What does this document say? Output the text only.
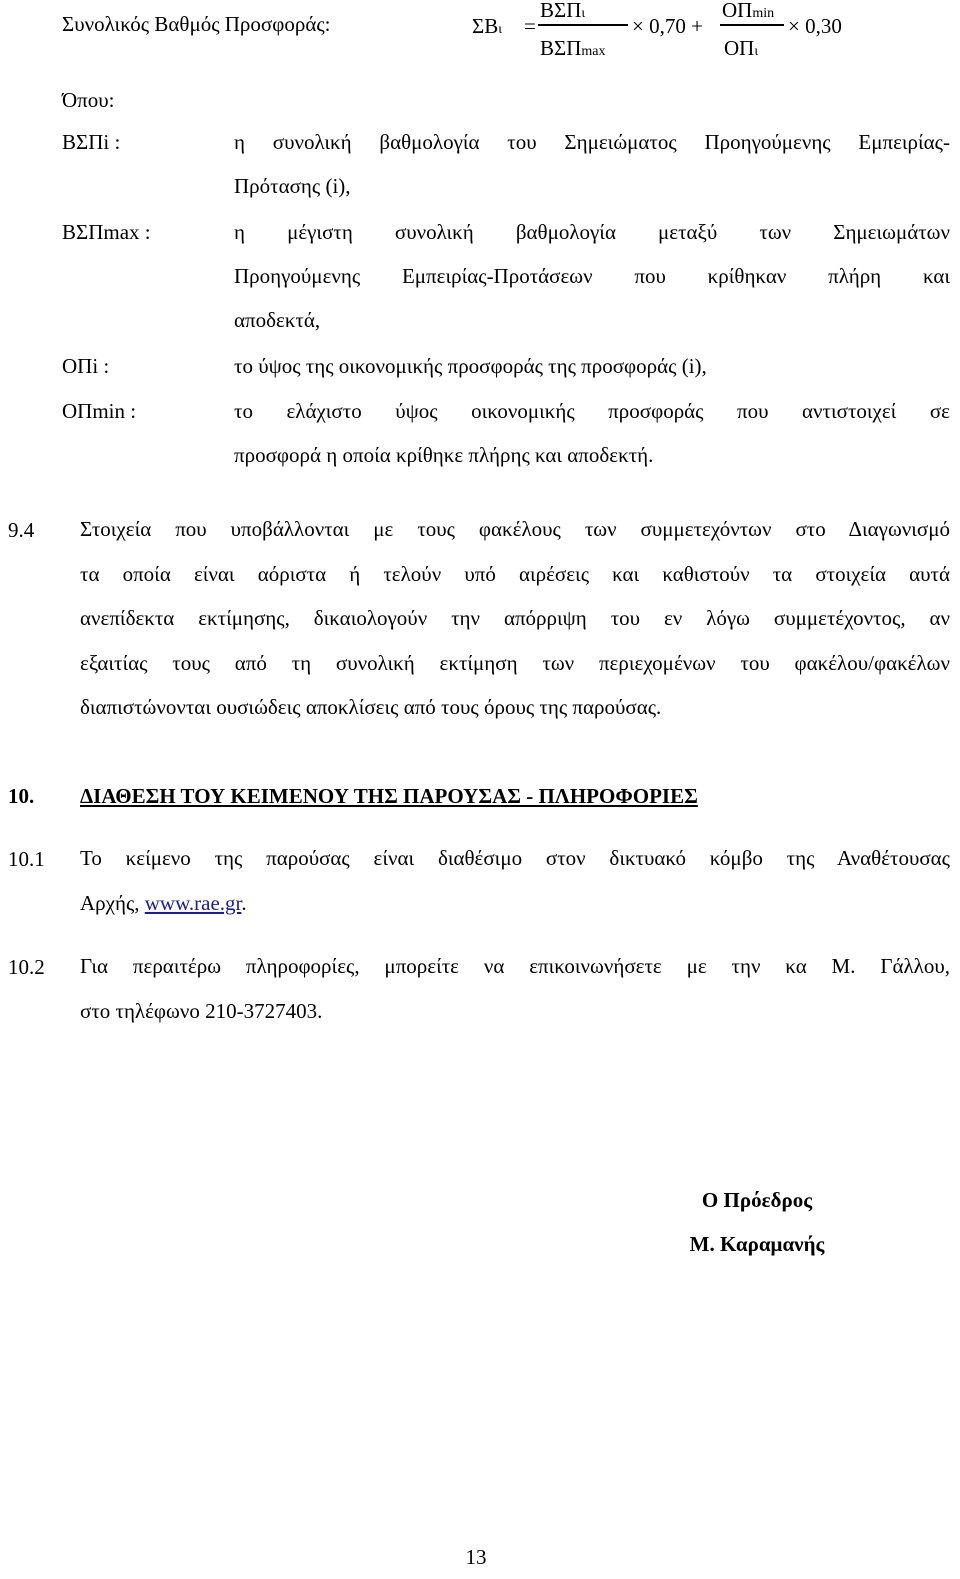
Συνολικός Βαθμός Προσφοράς:	ΣΒι =
ΒΣΠι
ΒΣΠmax
× 0,70 +
ΟΠmin
ΟΠι
× 0,30
Όπου:
ΒΣΠi :	η συνολική βαθμολογία του Σημειώματος Προηγούμενης Εμπειρίας-
Πρότασης (i),
ΒΣΠmax :	η μέγιστη συνολική βαθμολογία μεταξύ των Σημειωμάτων
Προηγούμενης Εμπειρίας-Προτάσεων που κρίθηκαν πλήρη και
αποδεκτά,
ΟΠi :	το ύψος της οικονομικής προσφοράς της προσφοράς (i),
ΟΠmin :	το ελάχιστο ύψος οικονομικής προσφοράς που αντιστοιχεί σε
προσφορά η οποία κρίθηκε πλήρης και αποδεκτή.
9.4 Στοιχεία που υποβάλλονται με τους φακέλους των συμμετεχόντων στο Διαγωνισμό
τα οποία είναι αόριστα ή τελούν υπό αιρέσεις και καθιστούν τα στοιχεία αυτά
ανεπίδεκτα εκτίμησης, δικαιολογούν την απόρριψη του εν λόγω συμμετέχοντος, αν
εξαιτίας τους από τη συνολική εκτίμηση των περιεχομένων του φακέλου/φακέλων
διαπιστώνονται ουσιώδεις αποκλίσεις από τους όρους της παρούσας.
10. ΔΙΑΘΕΣΗ ΤΟΥ ΚΕΙΜΕΝΟΥ ΤΗΣ ΠΑΡΟΥΣΑΣ - ΠΛΗΡΟΦΟΡΙΕΣ
10.1 Το κείμενο της παρούσας είναι διαθέσιμο στον δικτυακό κόμβο της Αναθέτουσας
Αρχής, www.rae.gr.
10.2 Για περαιτέρω πληροφορίες, μπορείτε να επικοινωνήσετε με την κα Μ. Γάλλου,
στο τηλέφωνο 210-3727403.
Ο Πρόεδρος
Μ. Καραμανής
13
